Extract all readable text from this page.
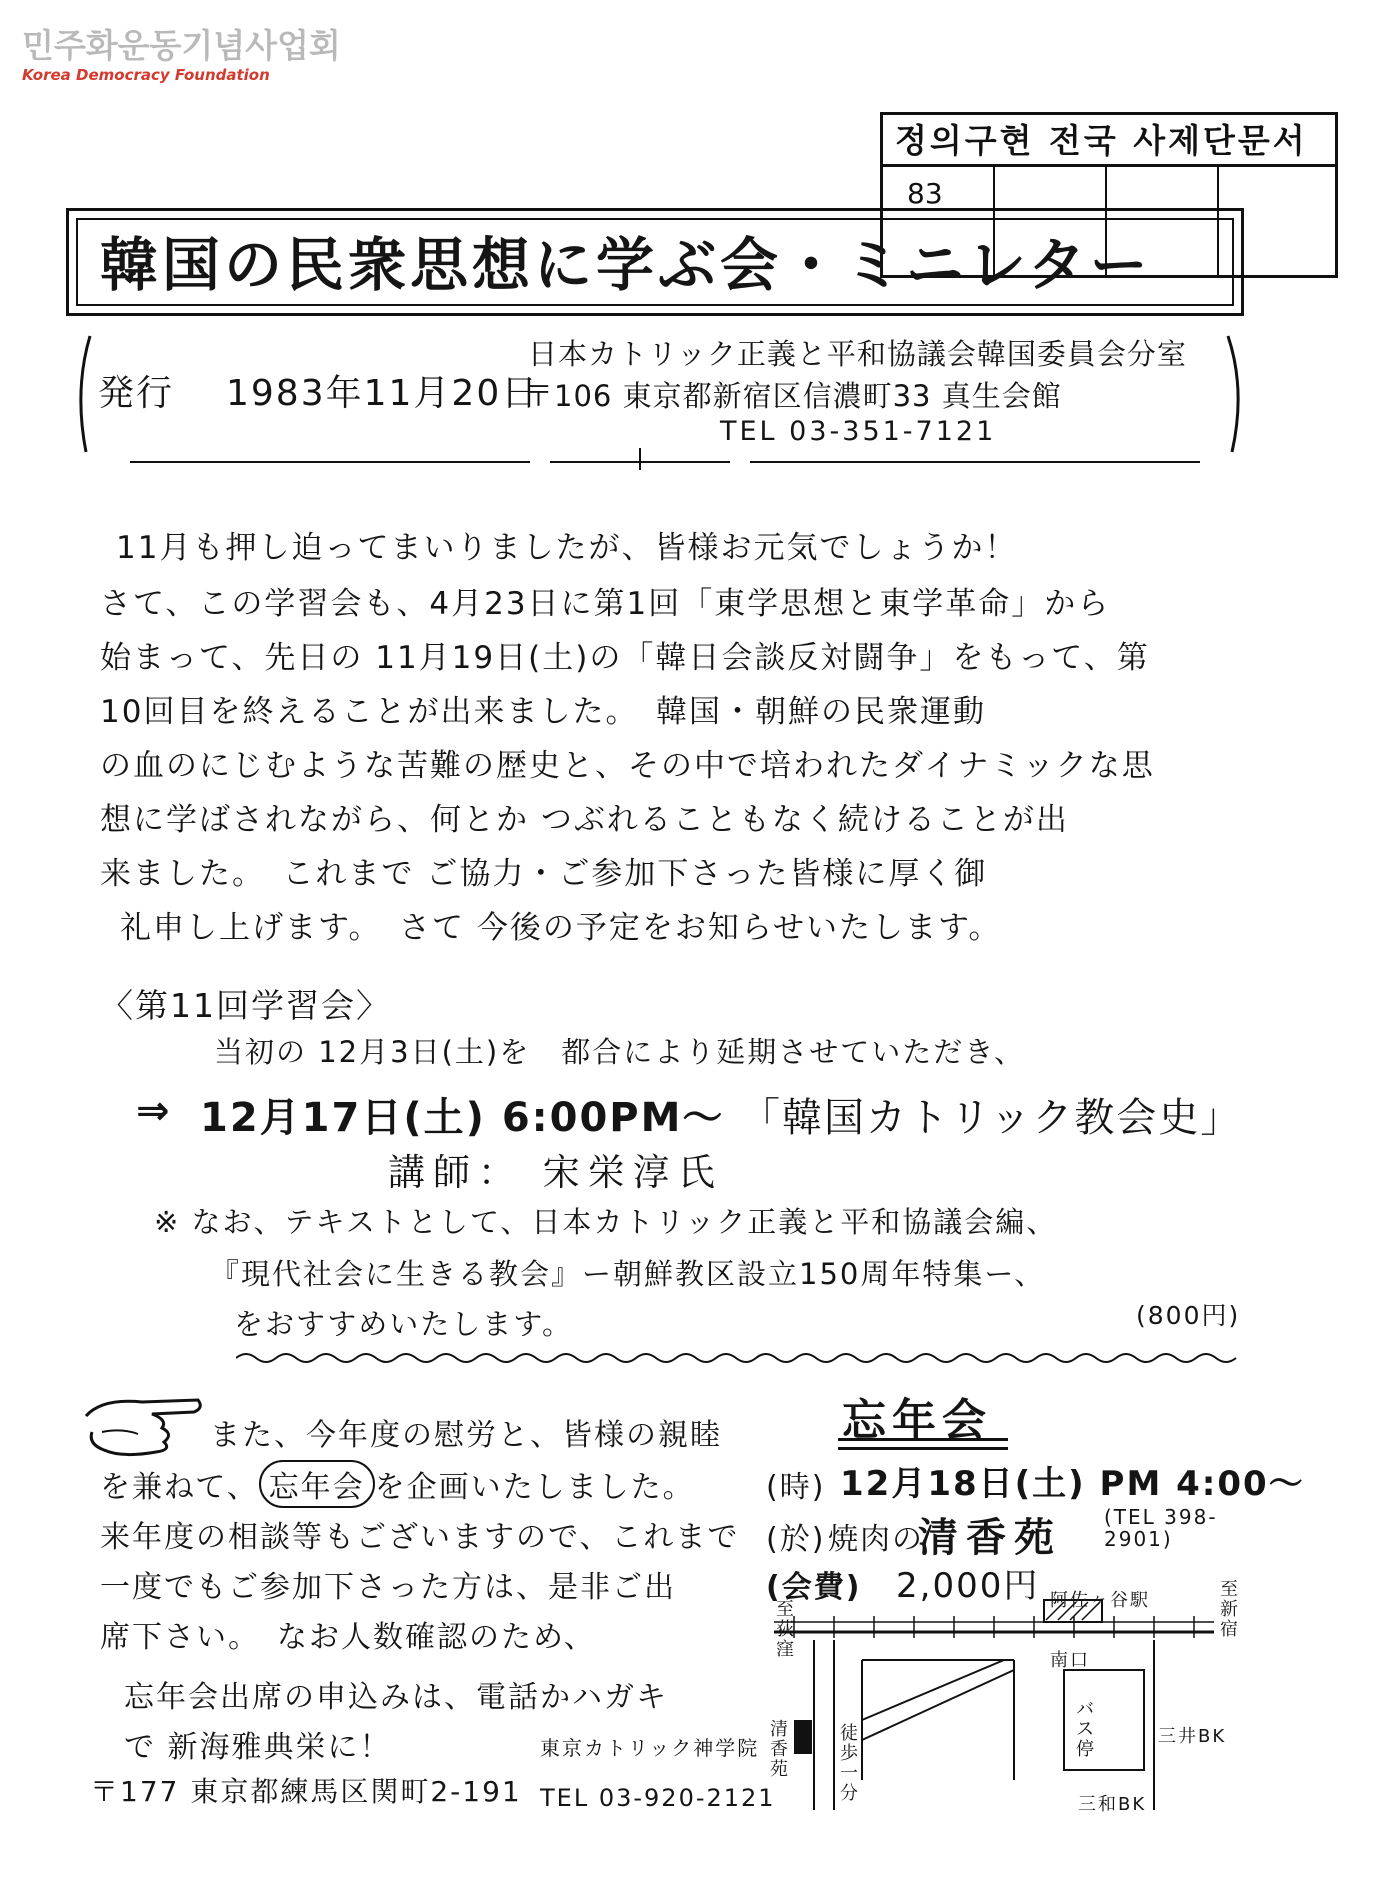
민주화운동기념사업회
Korea Democracy Foundation
정의구현 전국 사제단문서
83
韓国の民衆思想に学ぶ会・ミニレター
発行 1983年11月20日
日本カトリック正義と平和協議会韓国委員会分室
〒106 東京都新宿区信濃町33 真生会館
TEL 03-351-7121
11月も押し迫ってまいりましたが、皆様お元気でしょうか！
さて、この学習会も、4月23日に第1回「東学思想と東学革命」から
始まって、先日の 11月19日(土)の「韓日会談反対闘争」をもって、第
10回目を終えることが出来ました。　韓国・朝鮮の民衆運動
の血のにじむような苦難の歴史と、その中で培われたダイナミックな思
想に学ばされながら、何とか つぶれることもなく続けることが出
来ました。　これまで ご協力・ご参加下さった皆様に厚く御
礼申し上げます。　さて 今後の予定をお知らせいたします。
〈第11回学習会〉
当初の 12月3日(土)を　都合により延期させていただき、
⇒ 12月17日(土) 6:00PM～ 「韓国カトリック教会史」
講師： 宋栄淳氏
※ なお、テキストとして、日本カトリック正義と平和協議会編、
『現代社会に生きる教会』ー朝鮮教区設立150周年特集ー、
をおすすめいたします。	(800円)
また、今年度の慰労と、皆様の親睦
を兼ねて、 忘年会 を企画いたしました。
来年度の相談等もございますので、これまで
一度でもご参加下さった方は、是非ご出
席下さい。　なお人数確認のため、
忘年会出席の申込みは、電話かハガキ
で 新海雅典栄に！
〒177 東京都練馬区関町2-191
東京カトリック神学院
TEL 03-920-2121
忘年会
(時) 12月18日(土) PM 4:00～
(於) 焼肉の
清香苑 (TEL 398-2901)
(会費) 2,000円 阿佐ヶ谷駅
至新宿
至荻窪
南口
バス停
三井BK
三和BK
清香苑
徒歩一分
